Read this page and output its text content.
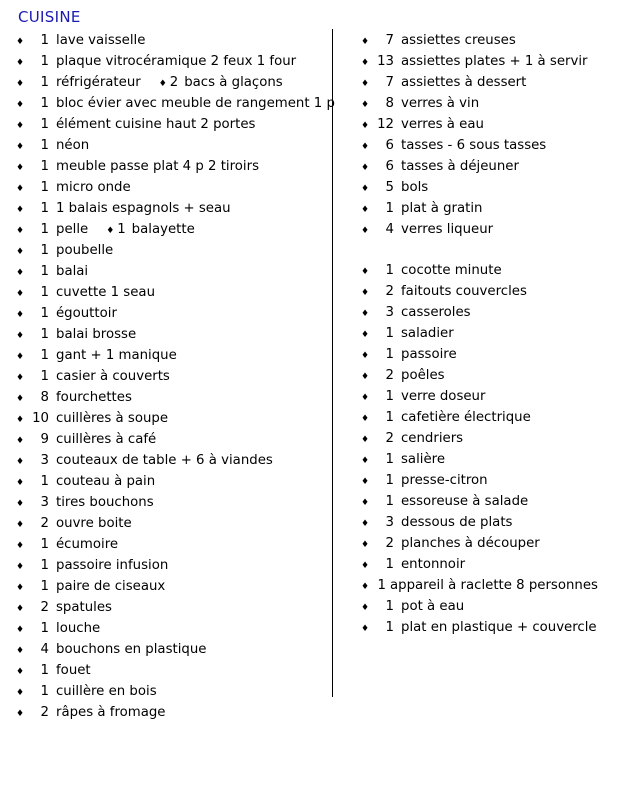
CUISINE
♦	1 lave vaisselle
♦	1 plaque vitrocéramique 2 feux 1 four
♦	1 réfrigérateur ♦ 2 bacs à glaçons
♦	1 bloc évier avec meuble de rangement 1 p
♦	1 élément cuisine haut 2 portes
♦	1 néon
♦	1 meuble passe plat 4 p 2 tiroirs
♦	1 micro onde
♦	1 1 balais espagnols + seau
♦	1 pelle ♦ 1 balayette
♦	1 poubelle
♦	1 balai
♦	1 cuvette 1 seau
♦	1 égouttoir
♦	1 balai brosse
♦	1 gant + 1 manique
♦	1 casier à couverts
♦	8 fourchettes
♦ 10 cuillères à soupe
♦	9 cuillères à café
♦	3 couteaux de table + 6 à viandes
♦	1 couteau à pain
♦	3 tires bouchons
♦	2 ouvre boite
♦	1 écumoire
♦	1 passoire infusion
♦	1 paire de ciseaux
♦	2 spatules
♦	1 louche
♦	4 bouchons en plastique
♦	1 fouet
♦	1 cuillère en bois
♦	2 râpes à fromage
♦	7 assiettes creuses
♦ 13 assiettes plates + 1 à servir
♦	7 assiettes à dessert
♦	8 verres à vin
♦ 12 verres à eau
♦	6 tasses - 6 sous tasses
♦	6 tasses à déjeuner
♦	5 bols
♦	1 plat à gratin
♦	4 verres liqueur
♦	1 cocotte minute
♦	2 faitouts couvercles
♦	3 casseroles
♦	1 saladier
♦	1 passoire
♦	2 poêles
♦	1 verre doseur
♦	1 cafetière électrique
♦	2 cendriers
♦	1 salière
♦	1 presse-citron
♦	1 essoreuse à salade
♦	3 dessous de plats
♦	2 planches à découper
♦	1 entonnoir
♦ 1 appareil à raclette 8 personnes
♦	1 pot à eau
♦	1 plat en plastique + couvercle
